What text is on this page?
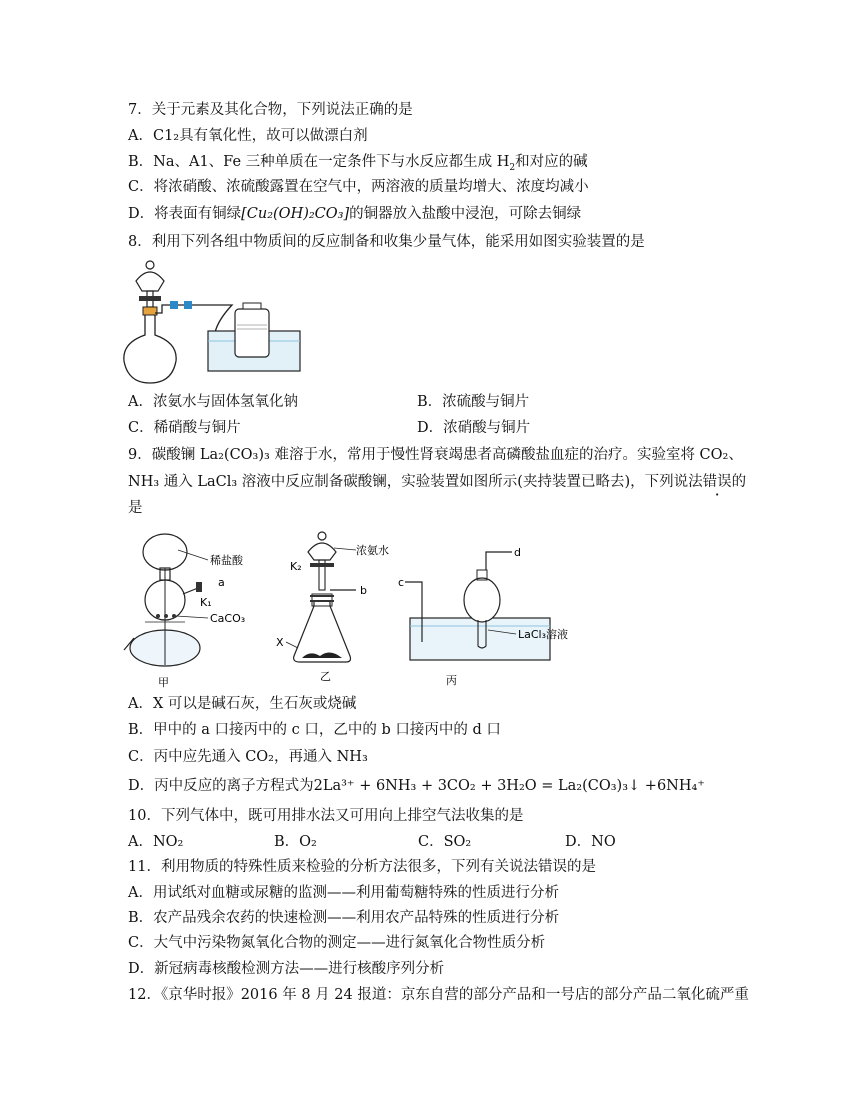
7．关于元素及其化合物，下列说法正确的是
A．C1₂具有氧化性，故可以做漂白剂
B．Na、A1、Fe 三种单质在一定条件下与水反应都生成 $H_2$和对应的碱
C．将浓硝酸、浓硫酸露置在空气中，两溶液的质量均增大、浓度均减小
D．将表面有铜绿[Cu₂(OH)₂CO₃]的铜器放入盐酸中浸泡，可除去铜绿
8．利用下列各组中物质间的反应制备和收集少量气体，能采用如图实验装置的是
A．浓氨水与固体氢氧化钠	B．浓硫酸与铜片
C．稀硝酸与铜片	D．浓硝酸与铜片
9．碳酸镧 La₂(CO₃)₃ 难溶于水，常用于慢性肾衰竭患者高磷酸盐血症的治疗。实验室将 CO₂、
NH₃ 通入 LaCl₃ 溶液中反应制备碳酸镧，实验装置如图所示(夹持装置已略去)，下列说法错误的
是
稀盐酸
a
K₁
CaCO₃
甲
浓氨水
K₂
b
X
乙
c
d
LaCl₃溶液
丙
A．X 可以是碱石灰，生石灰或烧碱
B．甲中的 a 口接丙中的 c 口，乙中的 b 口接丙中的 d 口
C．丙中应先通入 CO₂，再通入 NH₃
D．丙中反应的离子方程式为2La³⁺ + 6NH₃ + 3CO₂ + 3H₂O = La₂(CO₃)₃↓ +6NH₄⁺
10．下列气体中，既可用排水法又可用向上排空气法收集的是
A．NO₂	B．O₂	C．SO₂	D．NO
11．利用物质的特殊性质来检验的分析方法很多，下列有关说法错误的是
A．用试纸对血糖或尿糖的监测——利用葡萄糖特殊的性质进行分析
B．农产品残余农药的快速检测——利用农产品特殊的性质进行分析
C．大气中污染物氮氧化合物的测定——进行氮氧化合物性质分析
D．新冠病毒核酸检测方法——进行核酸序列分析
12．《京华时报》2016 年 8 月 24 报道：京东自营的部分产品和一号店的部分产品二氧化硫严重
